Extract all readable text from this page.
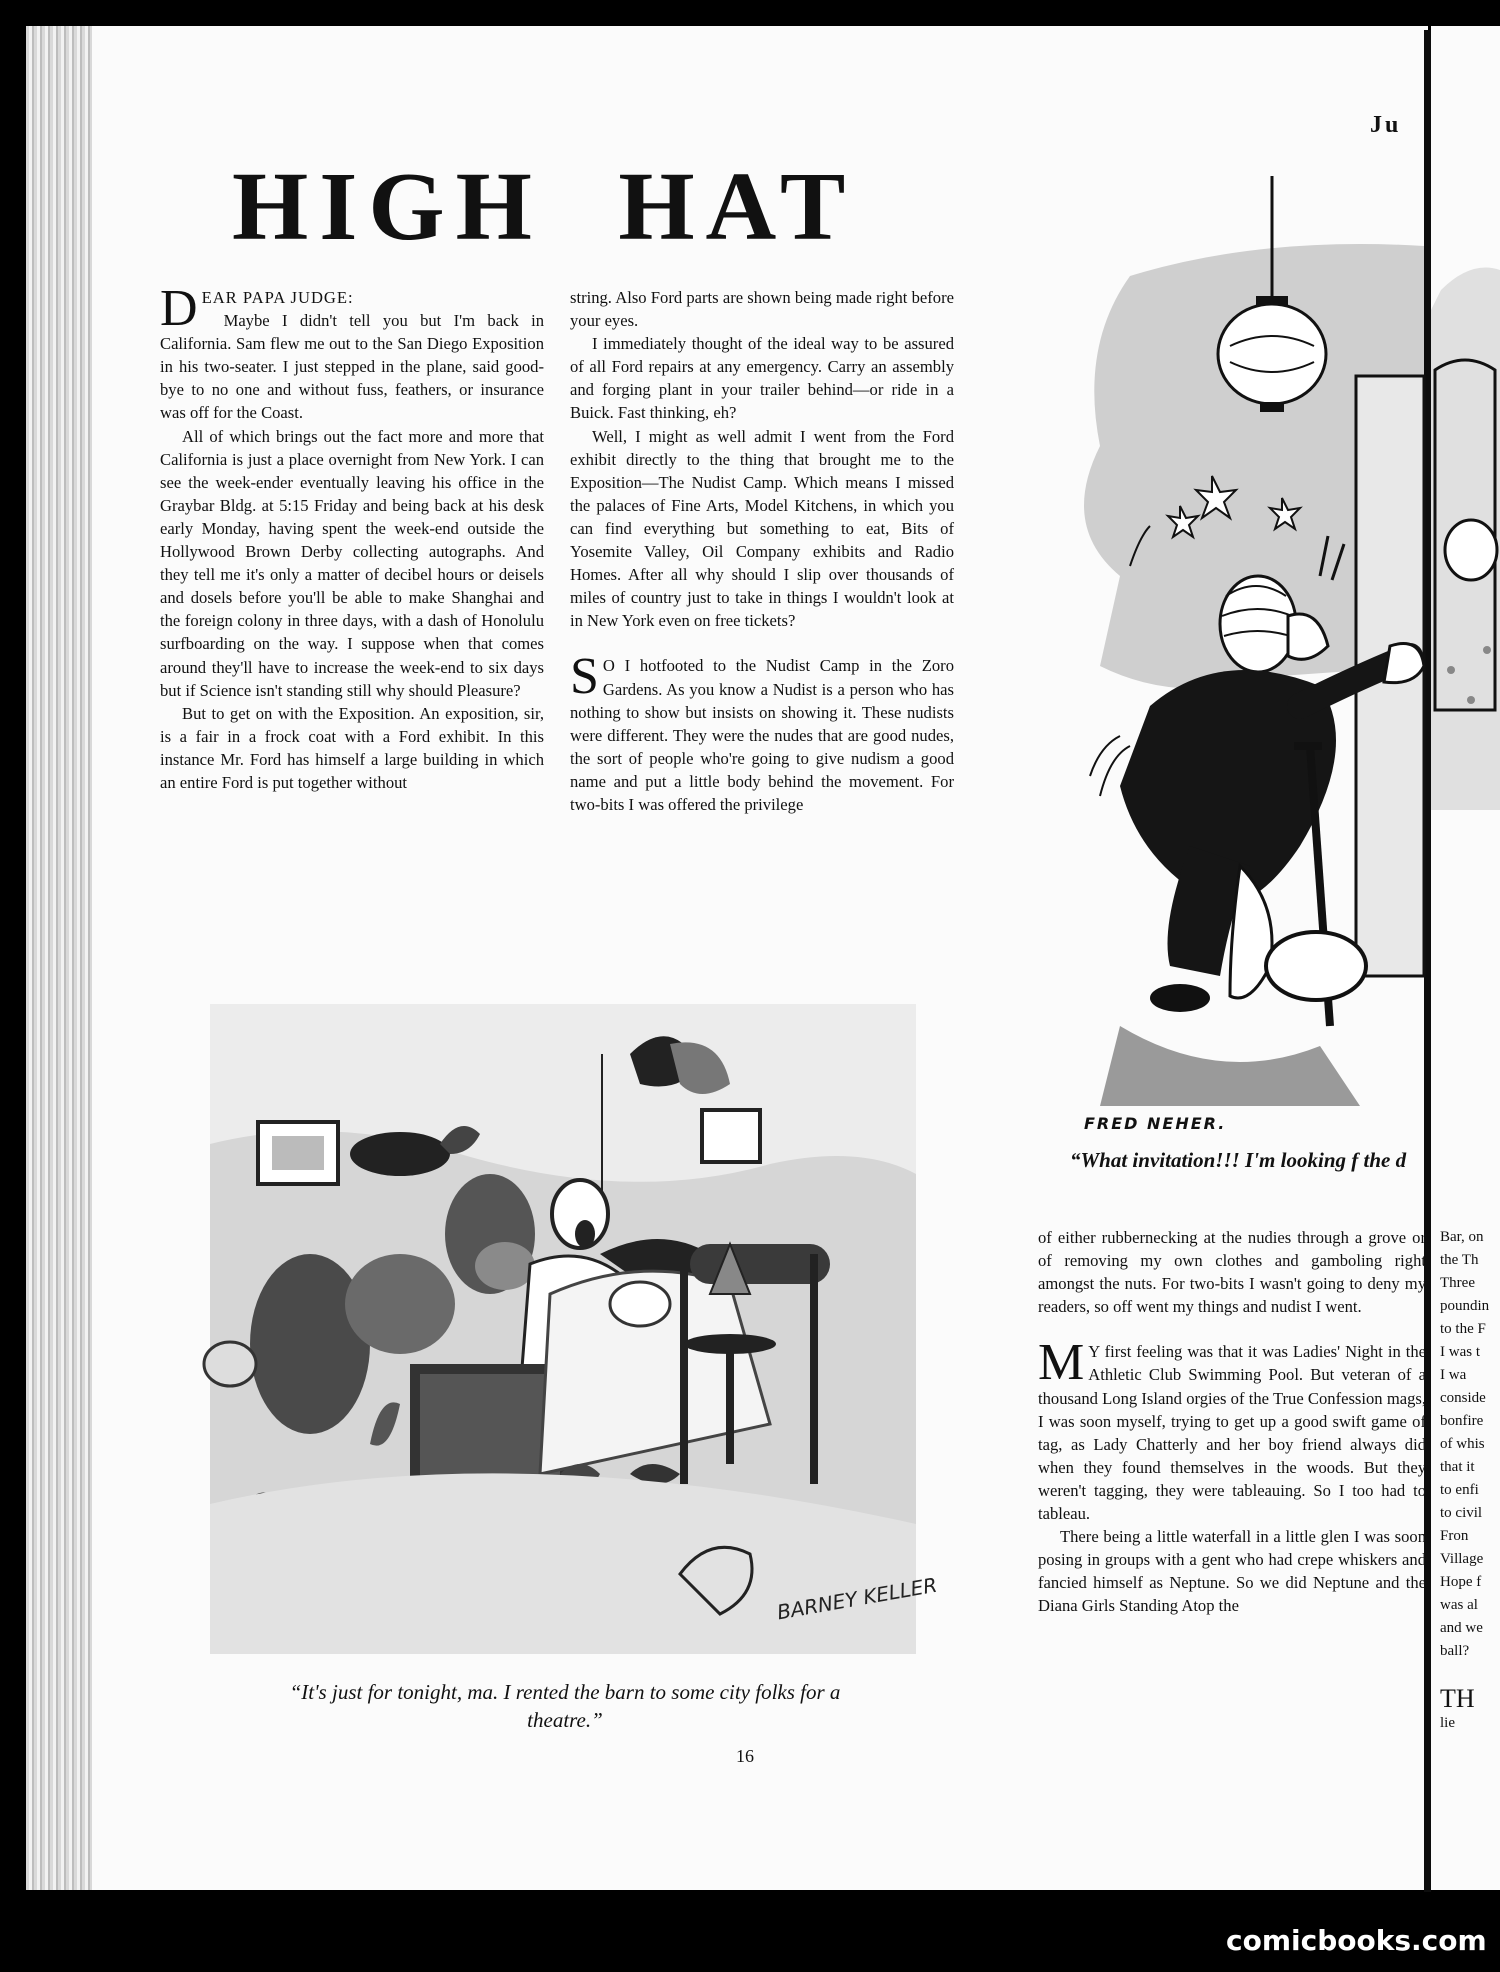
Ju
HIGH HAT

DEAR PAPA JUDGE:

Maybe I didn't tell you but I'm back in California. Sam flew me out to the San Diego Exposition in his two-seater. I just stepped in the plane, said good-bye to no one and without fuss, feathers, or insurance was off for the Coast.

All of which brings out the fact more and more that California is just a place overnight from New York. I can see the week-ender eventually leaving his office in the Graybar Bldg. at 5:15 Friday and being back at his desk early Monday, having spent the week-end outside the Hollywood Brown Derby collecting autographs. And they tell me it's only a matter of decibel hours or deisels and dosels before you'll be able to make Shanghai and the foreign colony in three days, with a dash of Honolulu surfboarding on the way. I suppose when that comes around they'll have to increase the week-end to six days but if Science isn't standing still why should Pleasure?

But to get on with the Exposition. An exposition, sir, is a fair in a frock coat with a Ford exhibit. In this instance Mr. Ford has himself a large building in which an entire Ford is put together without

string. Also Ford parts are shown being made right before your eyes.

I immediately thought of the ideal way to be assured of all Ford repairs at any emergency. Carry an assembly and forging plant in your trailer behind—or ride in a Buick. Fast thinking, eh?

Well, I might as well admit I went from the Ford exhibit directly to the thing that brought me to the Exposition—The Nudist Camp. Which means I missed the palaces of Fine Arts, Model Kitchens, in which you can find everything but something to eat, Bits of Yosemite Valley, Oil Company exhibits and Radio Homes. After all why should I slip over thousands of miles of country just to take in things I wouldn't look at in New York even on free tickets?

S O I hotfooted to the Nudist Camp in the Zoro Gardens. As you know a Nudist is a person who has nothing to show but insists on showing it. These nudists were different. They were the nudes that are good nudes, the sort of people who're going to give nudism a good name and put a little body behind the movement. For two-bits I was offered the privilege

BARNEY KELLER
“It's just for tonight, ma. I rented the barn to some city folks for a theatre.”
FRED NEHER.
“What invitation!!! I'm looking f the d

of either rubbernecking at the nudies through a grove or of removing my own clothes and gamboling right amongst the nuts. For two-bits I wasn't going to deny my readers, so off went my things and nudist I went.

M Y first feeling was that it was Ladies' Night in the Athletic Club Swimming Pool. But veteran of a thousand Long Island orgies of the True Confession mags, I was soon myself, trying to get up a good swift game of tag, as Lady Chatterly and her boy friend always did when they found themselves in the woods. But they weren't tagging, they were tableauing. So I too had to tableau.

There being a little waterfall in a little glen I was soon posing in groups with a gent who had crepe whiskers and fancied himself as Neptune. So we did Neptune and the Diana Girls Standing Atop the

Bar, on
the Th
Three
poundin
to the F
I was t
I wa
conside
bonfire
of whis
that it
to enfi
to civil
Fron
Village
Hope f
was al
and we
ball?

TH
lie
16
comicbooks.com
